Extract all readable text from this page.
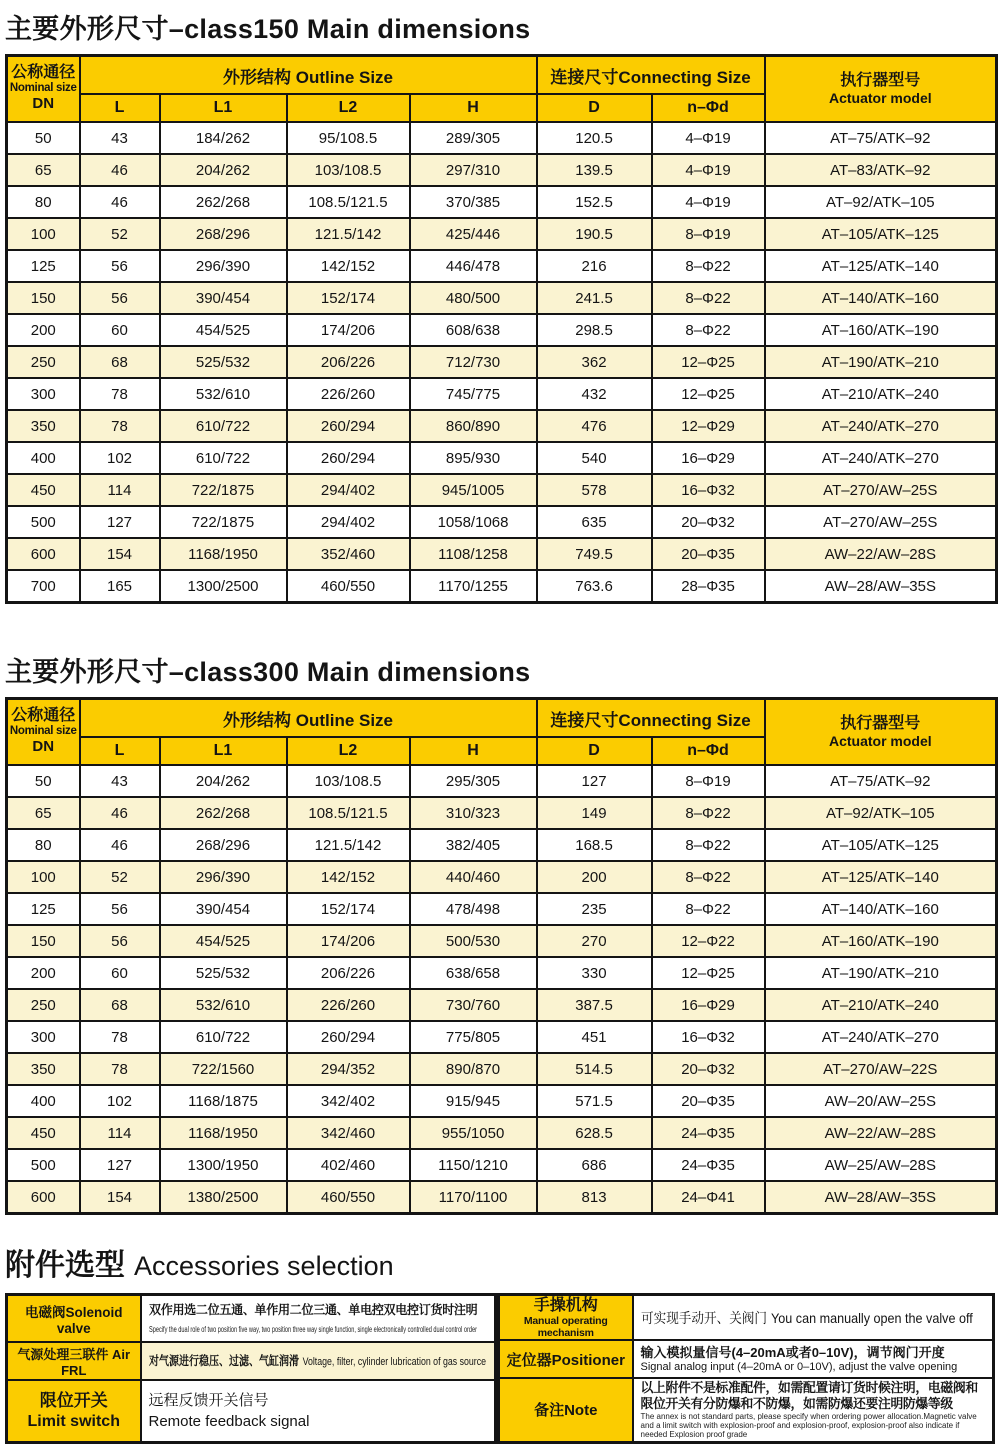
主要外形尺寸–class150 Main dimensions
公称通径
Nominal size
DN
	外形结构 Outline Size	连接尺寸Connecting Size	执行器型号
Actuator model

	L	L1	L2	H	D	n–Φd	
50	43	184/262	95/108.5	289/305	120.5	4–Φ19	AT–75/ATK–92
65	46	204/262	103/108.5	297/310	139.5	4–Φ19	AT–83/ATK–92
80	46	262/268	108.5/121.5	370/385	152.5	4–Φ19	AT–92/ATK–105
100	52	268/296	121.5/142	425/446	190.5	8–Φ19	AT–105/ATK–125
125	56	296/390	142/152	446/478	216	8–Φ22	AT–125/ATK–140
150	56	390/454	152/174	480/500	241.5	8–Φ22	AT–140/ATK–160
200	60	454/525	174/206	608/638	298.5	8–Φ22	AT–160/ATK–190
250	68	525/532	206/226	712/730	362	12–Φ25	AT–190/ATK–210
300	78	532/610	226/260	745/775	432	12–Φ25	AT–210/ATK–240
350	78	610/722	260/294	860/890	476	12–Φ29	AT–240/ATK–270
400	102	610/722	260/294	895/930	540	16–Φ29	AT–240/ATK–270
450	114	722/1875	294/402	945/1005	578	16–Φ32	AT–270/AW–25S
500	127	722/1875	294/402	1058/1068	635	20–Φ32	AT–270/AW–25S
600	154	1168/1950	352/460	1108/1258	749.5	20–Φ35	AW–22/AW–28S
700	165	1300/2500	460/550	1170/1255	763.6	28–Φ35	AW–28/AW–35S
主要外形尺寸–class300 Main dimensions
公称通径
Nominal size
DN
	外形结构 Outline Size	连接尺寸Connecting Size	执行器型号
Actuator model

	L	L1	L2	H	D	n–Φd	
50	43	204/262	103/108.5	295/305	127	8–Φ19	AT–75/ATK–92
65	46	262/268	108.5/121.5	310/323	149	8–Φ22	AT–92/ATK–105
80	46	268/296	121.5/142	382/405	168.5	8–Φ22	AT–105/ATK–125
100	52	296/390	142/152	440/460	200	8–Φ22	AT–125/ATK–140
125	56	390/454	152/174	478/498	235	8–Φ22	AT–140/ATK–160
150	56	454/525	174/206	500/530	270	12–Φ22	AT–160/ATK–190
200	60	525/532	206/226	638/658	330	12–Φ25	AT–190/ATK–210
250	68	532/610	226/260	730/760	387.5	16–Φ29	AT–210/ATK–240
300	78	610/722	260/294	775/805	451	16–Φ32	AT–240/ATK–270
350	78	722/1560	294/352	890/870	514.5	20–Φ32	AT–270/AW–22S
400	102	1168/1875	342/402	915/945	571.5	20–Φ35	AW–20/AW–25S
450	114	1168/1950	342/460	955/1050	628.5	24–Φ35	AW–22/AW–28S
500	127	1300/1950	402/460	1150/1210	686	24–Φ35	AW–25/AW–28S
600	154	1380/2500	460/550	1170/1100	813	24–Φ41	AW–28/AW–35S
附件选型 Accessories selection
电磁阀Solenoid valve	双作用选二位五通、单作用二位三通、单电控双电控订货时注明 Specify the dual role of two position five way, two position three way single function, single electronically controlled dual control order
气源处理三联件 Air FRL	对气源进行稳压、过滤、气缸润滑 Voltage, filter, cylinder lubrication of gas source

限位开关
Limit switch

远程反馈开关信号
Remote feedback signal
手操机构
Manual operating mechanism	可实现手动开、关阀门 You can manually open the valve off
定位器Positioner	输入模拟量信号(4–20mA或者0–10V)，调节阀门开度
Signal analog input (4–20mA or 0–10V), adjust the valve opening

备注Note	以上附件不是标准配件，如需配置请订货时候注明，电磁阀和限位开关有分防爆和不防爆，如需防爆还要注明防爆等级
The annex is not standard parts, please specify when ordering power allocation.Magnetic valve and a limit switch with explosion-proof and explosion-proof, explosion-proof also indicate if needed Explosion proof grade
